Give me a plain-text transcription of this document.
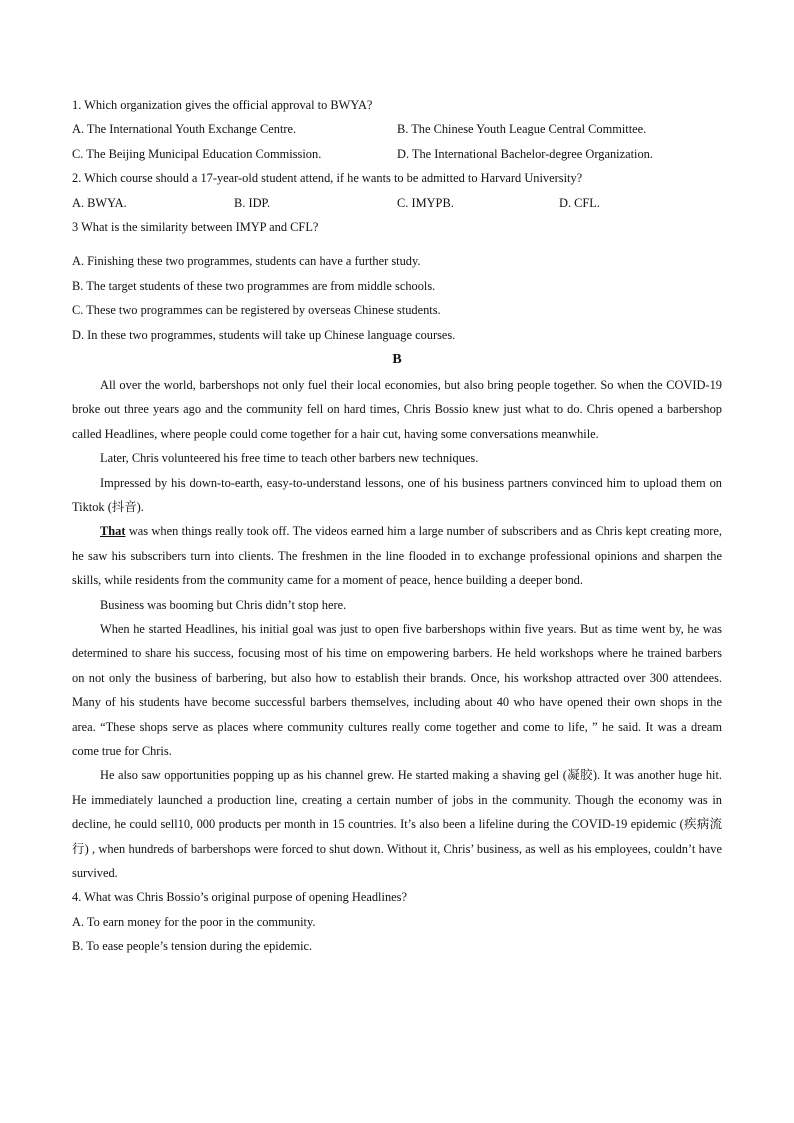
1. Which organization gives the official approval to BWYA?
A. The International Youth Exchange Centre.	B. The Chinese Youth League Central Committee.
C. The Beijing Municipal Education Commission.	D. The International Bachelor-degree Organization.
2. Which course should a 17-year-old student attend, if he wants to be admitted to Harvard University?
A. BWYA.	B. IDP.	C. IMYPB.	D. CFL.
3 What is the similarity between IMYP and CFL?
A. Finishing these two programmes, students can have a further study.
B. The target students of these two programmes are from middle schools.
C. These two programmes can be registered by overseas Chinese students.
D. In these two programmes, students will take up Chinese language courses.
B

All over the world, barbershops not only fuel their local economies, but also bring people together. So when the COVID-19 broke out three years ago and the community fell on hard times, Chris Bossio knew just what to do. Chris opened a barbershop called Headlines, where people could come together for a hair cut, having some conversations meanwhile.

Later, Chris volunteered his free time to teach other barbers new techniques.

Impressed by his down-to-earth, easy-to-understand lessons, one of his business partners convinced him to upload them on Tiktok (抖音).

That was when things really took off. The videos earned him a large number of subscribers and as Chris kept creating more, he saw his subscribers turn into clients. The freshmen in the line flooded in to exchange professional opinions and sharpen the skills, while residents from the community came for a moment of peace, hence building a deeper bond.

Business was booming but Chris didn’t stop here.

When he started Headlines, his initial goal was just to open five barbershops within five years. But as time went by, he was determined to share his success, focusing most of his time on empowering barbers. He held workshops where he trained barbers on not only the business of barbering, but also how to establish their brands. Once, his workshop attracted over 300 attendees. Many of his students have become successful barbers themselves, including about 40 who have opened their own shops in the area. “These shops serve as places where community cultures really come together and come to life, ” he said. It was a dream come true for Chris.

He also saw opportunities popping up as his channel grew. He started making a shaving gel (凝胶). It was another huge hit. He immediately launched a production line, creating a certain number of jobs in the community. Though the economy was in decline, he could sell10, 000 products per month in 15 countries. It’s also been a lifeline during the COVID-19 epidemic (疾病流行) , when hundreds of barbershops were forced to shut down. Without it, Chris’ business, as well as his employees, couldn’t have survived.

4. What was Chris Bossio’s original purpose of opening Headlines?
A. To earn money for the poor in the community.
B. To ease people’s tension during the epidemic.
